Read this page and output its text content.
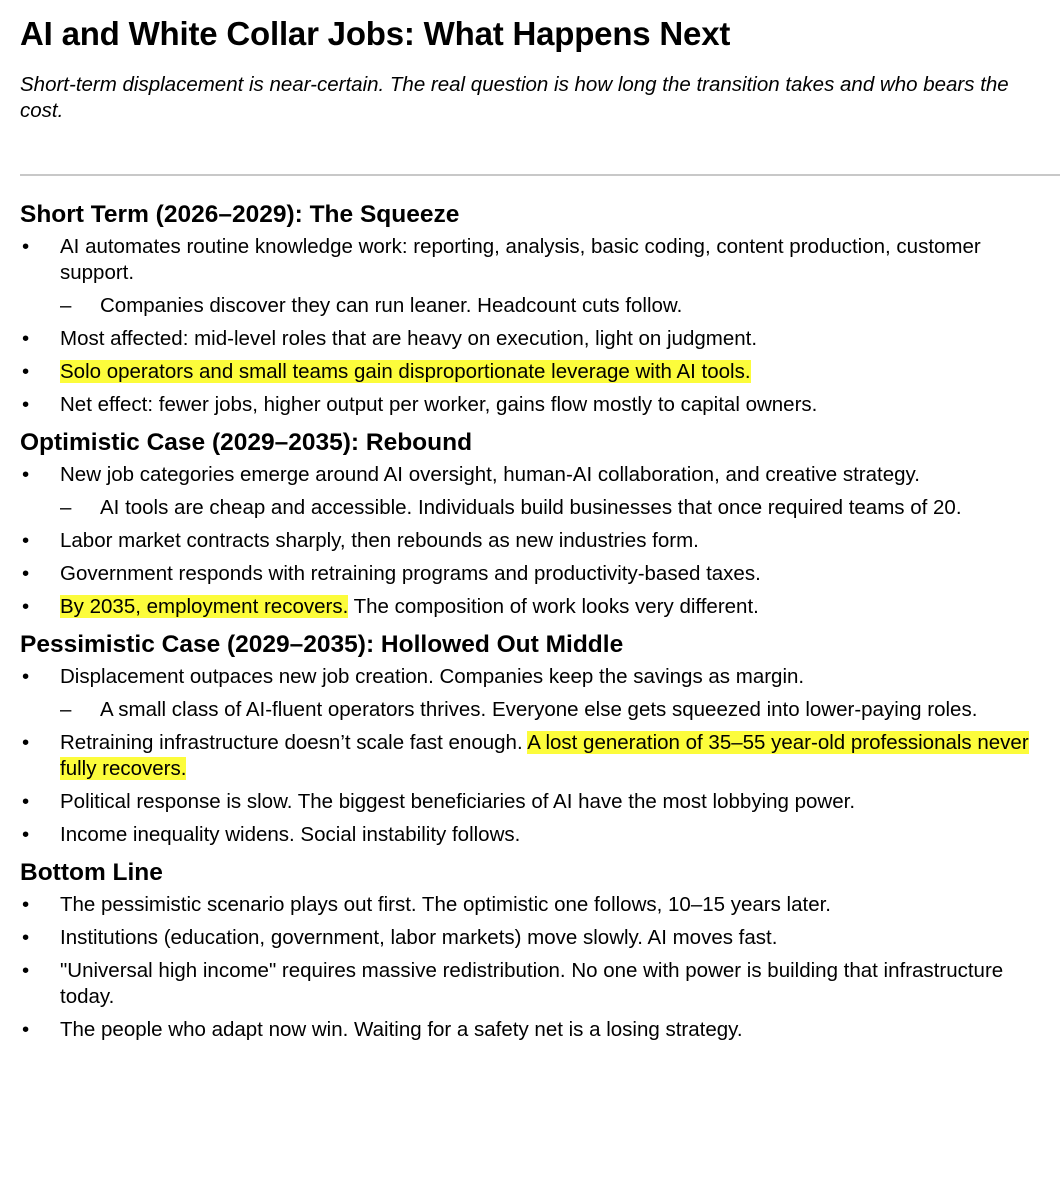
AI and White Collar Jobs: What Happens Next
Short-term displacement is near-certain. The real question is how long the transition takes and who bears the cost.
Short Term (2026–2029): The Squeeze
• AI automates routine knowledge work: reporting, analysis, basic coding, content production, customer support.
– Companies discover they can run leaner. Headcount cuts follow.
• Most affected: mid-level roles that are heavy on execution, light on judgment.
• Solo operators and small teams gain disproportionate leverage with AI tools.
• Net effect: fewer jobs, higher output per worker, gains flow mostly to capital owners.
Optimistic Case (2029–2035): Rebound
• New job categories emerge around AI oversight, human-AI collaboration, and creative strategy.
– AI tools are cheap and accessible. Individuals build businesses that once required teams of 20.
• Labor market contracts sharply, then rebounds as new industries form.
• Government responds with retraining programs and productivity-based taxes.
• By 2035, employment recovers. The composition of work looks very different.
Pessimistic Case (2029–2035): Hollowed Out Middle
• Displacement outpaces new job creation. Companies keep the savings as margin.
– A small class of AI-fluent operators thrives. Everyone else gets squeezed into lower-paying roles.
• Retraining infrastructure doesn’t scale fast enough. A lost generation of 35–55 year-old professionals never fully recovers.
• Political response is slow. The biggest beneficiaries of AI have the most lobbying power.
• Income inequality widens. Social instability follows.
Bottom Line
• The pessimistic scenario plays out first. The optimistic one follows, 10–15 years later.
• Institutions (education, government, labor markets) move slowly. AI moves fast.
• "Universal high income" requires massive redistribution. No one with power is building that infrastructure today.
• The people who adapt now win. Waiting for a safety net is a losing strategy.
